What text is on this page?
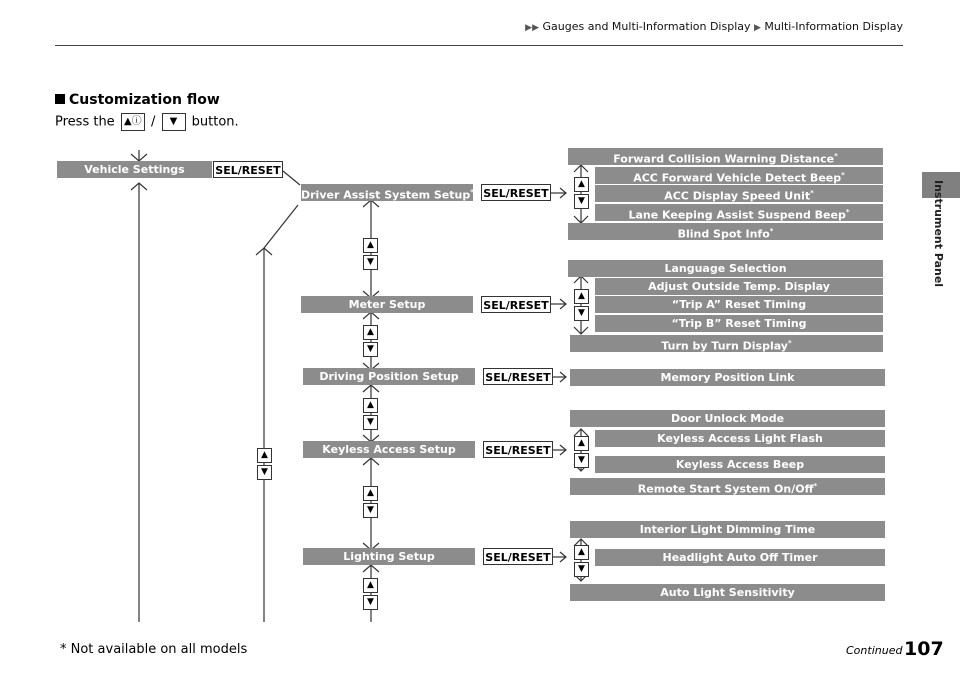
▶▶ Gauges and Multi-Information Display ▶ Multi-Information Display
Instrument Panel
Customization flow
Press the ▲ⓘ / ▼ button.
Vehicle Settings	SEL/RESET
Driver Assist System Setup* SEL/RESET
▲
▼
Forward Collision Warning Distance*
ACC Forward Vehicle Detect Beep*
ACC Display Speed Unit*
Lane Keeping Assist Suspend Beep*
Blind Spot Info*
▲
▼
Meter Setup	SEL/RESET
▲
▼
Language Selection
Adjust Outside Temp. Display
“Trip A” Reset Timing
“Trip B” Reset Timing
Turn by Turn Display*
▲
▼
Driving Position Setup	SEL/RESET	Memory Position Link
▲
▼
Keyless Access Setup	SEL/RESET
▲
▼
Door Unlock Mode
Keyless Access Light Flash
Keyless Access Beep
Remote Start System On/Off*
▲
▼
Lighting Setup	SEL/RESET	▲
▼
Interior Light Dimming Time
Headlight Auto Off Timer
Auto Light Sensitivity
▲
▼
▲
▼
* Not available on all models	Continued 107
